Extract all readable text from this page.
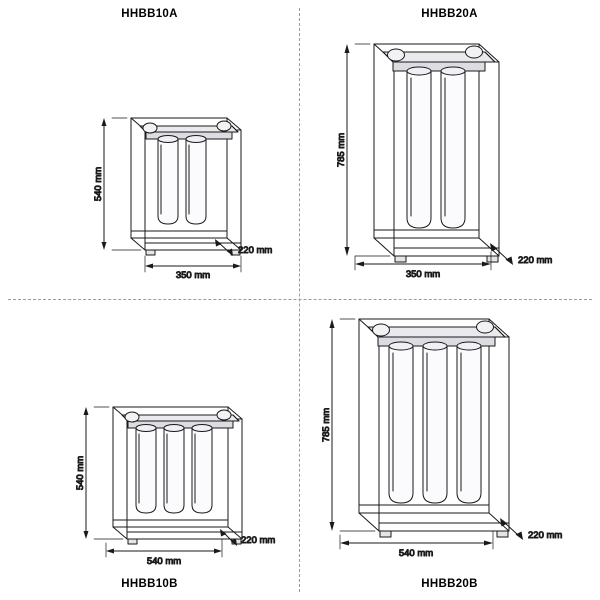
HHBB10A
540 mm
350 mm
220 mm
HHBB20A
785 mm
350 mm
220 mm
HHBB10B
540 mm
540 mm
220 mm
HHBB20B
785 mm
540 mm
220 mm
